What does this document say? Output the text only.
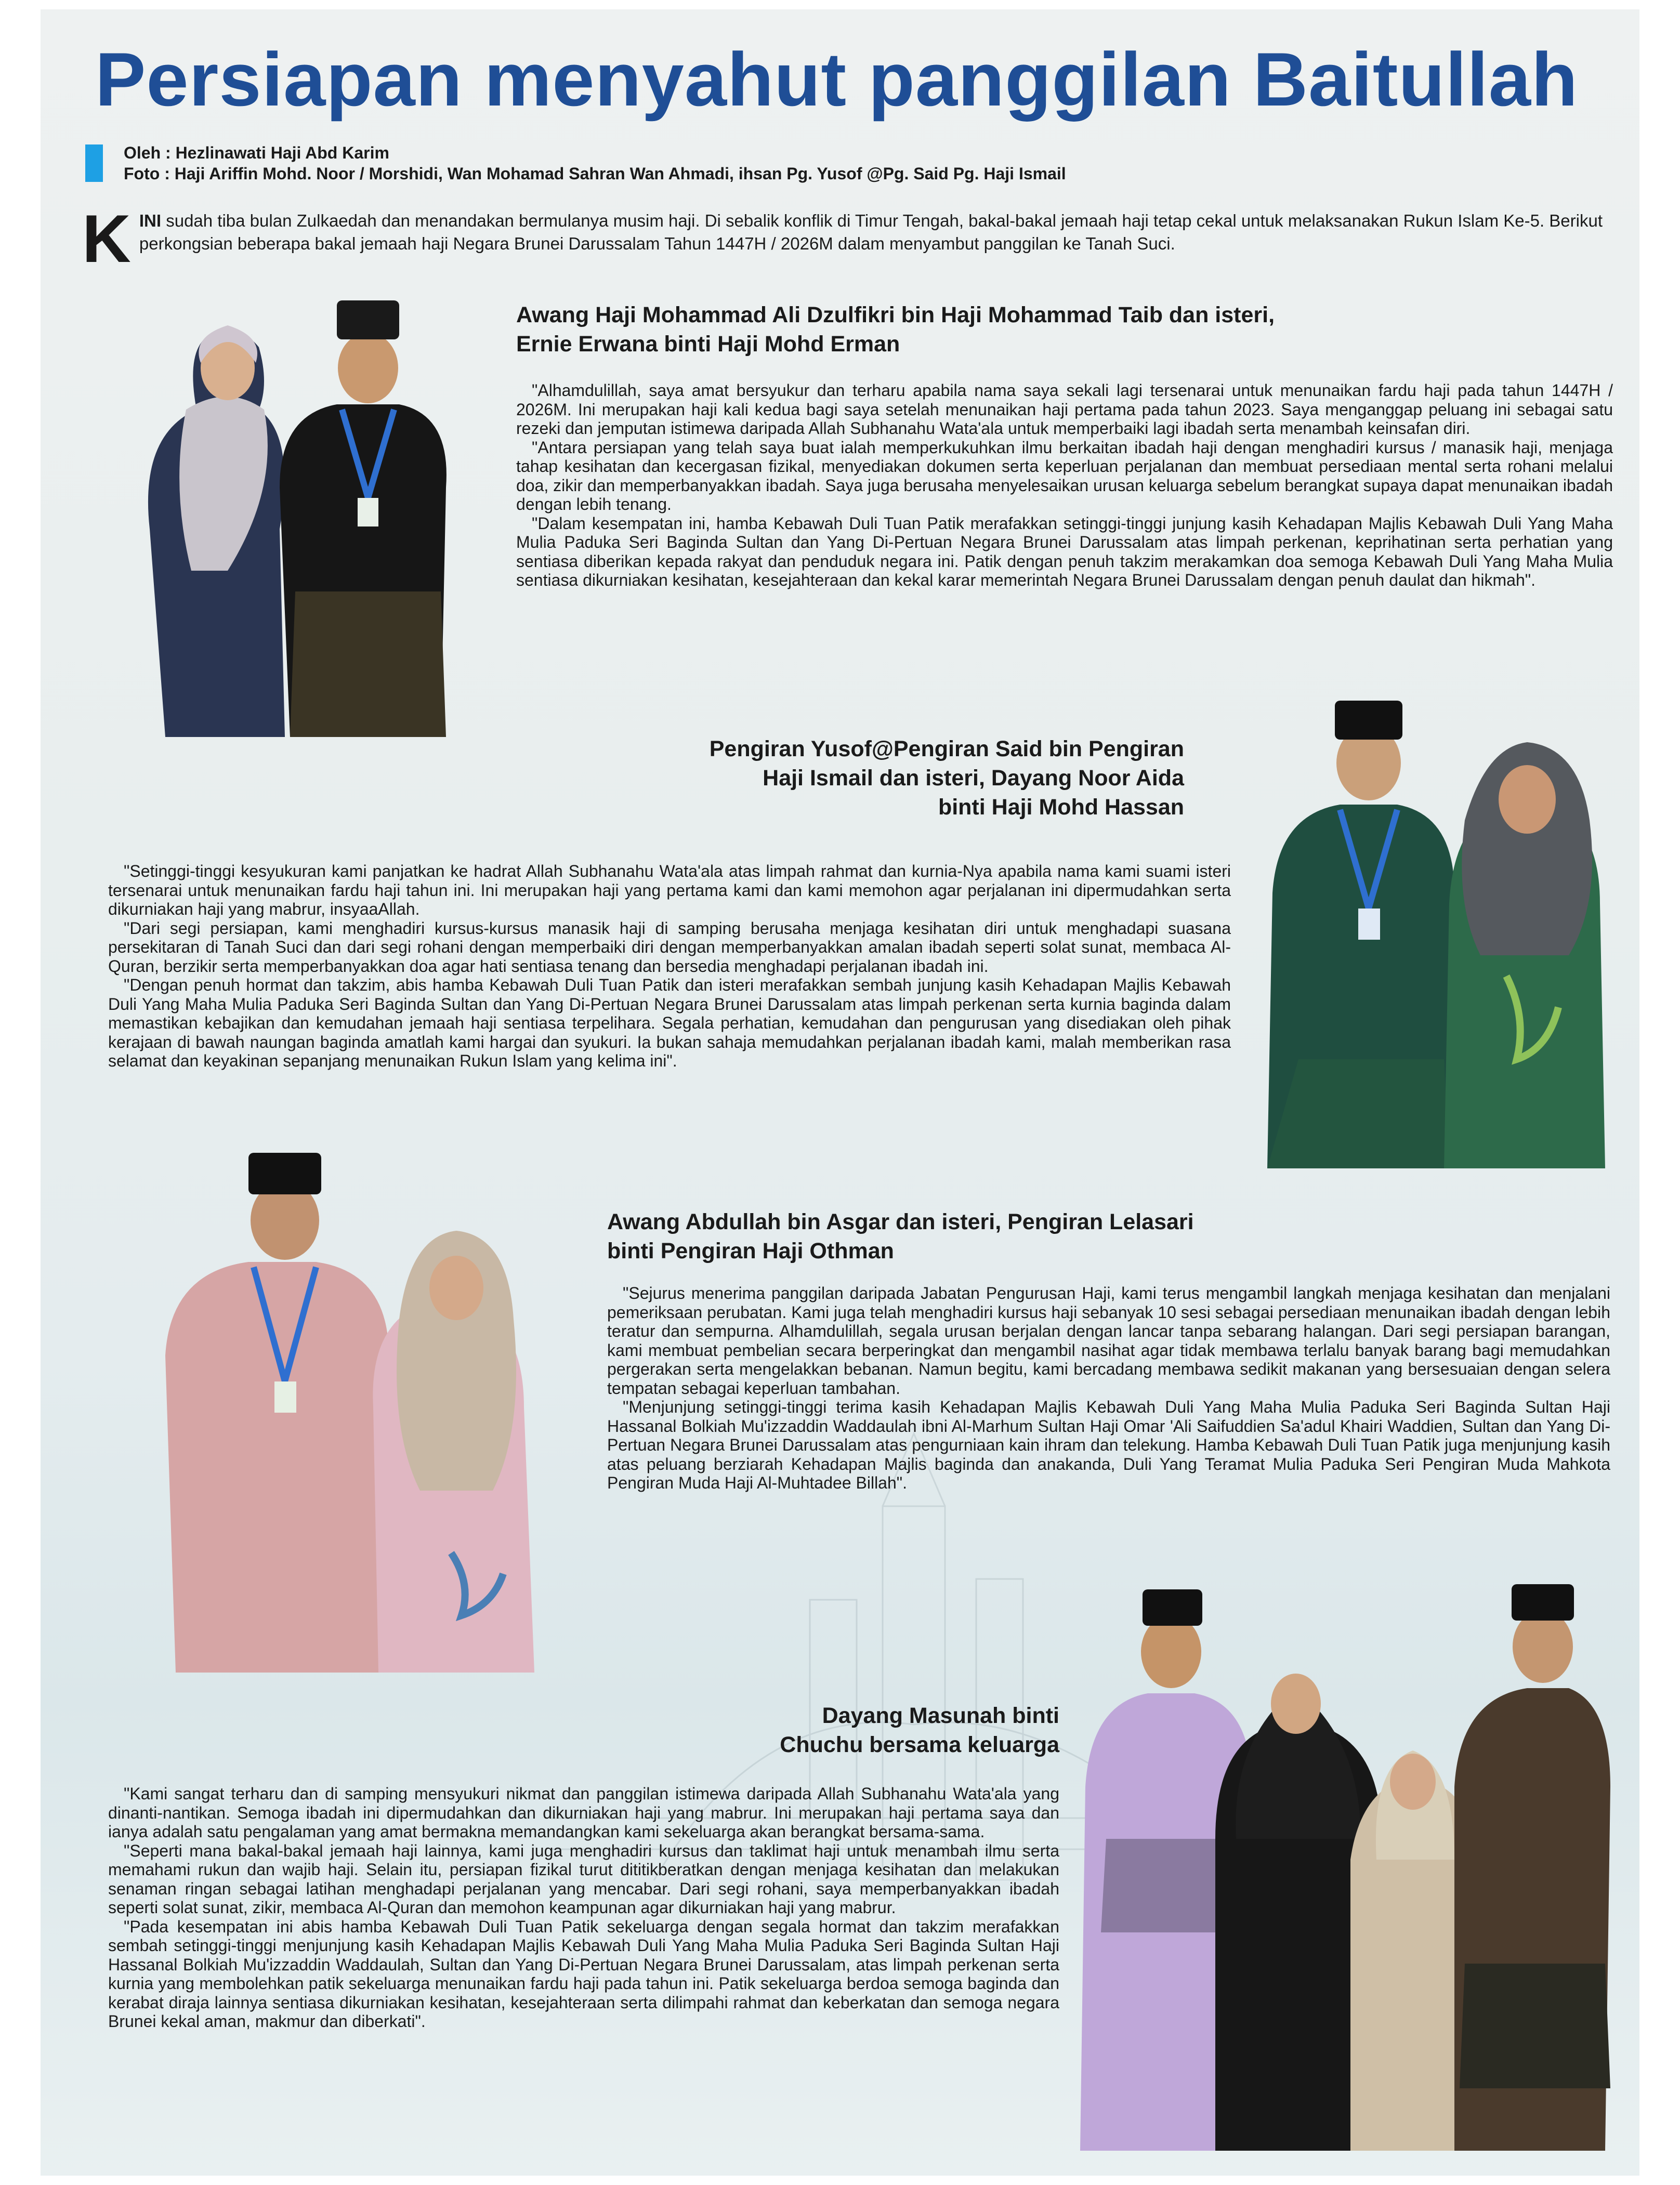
Persiapan menyahut panggilan Baitullah
Oleh : Hezlinawati Haji Abd Karim
Foto : Haji Ariffin Mohd. Noor / Morshidi, Wan Mohamad Sahran Wan Ahmadi, ihsan Pg. Yusof @Pg. Said Pg. Haji Ismail
KINI sudah tiba bulan Zulkaedah dan menandakan bermulanya musim haji. Di sebalik konflik di Timur Tengah, bakal-bakal jemaah haji tetap cekal untuk melaksanakan Rukun Islam Ke-5. Berikut perkongsian beberapa bakal jemaah haji Negara Brunei Darussalam Tahun 1447H / 2026M dalam menyambut panggilan ke Tanah Suci.
Awang Haji Mohammad Ali Dzulfikri bin Haji Mohammad Taib dan isteri,
Ernie Erwana binti Haji Mohd Erman

"Alhamdulillah, saya amat bersyukur dan terharu apabila nama saya sekali lagi tersenarai untuk menunaikan fardu haji pada tahun 1447H / 2026M. Ini merupakan haji kali kedua bagi saya setelah menunaikan haji pertama pada tahun 2023. Saya menganggap peluang ini sebagai satu rezeki dan jemputan istimewa daripada Allah Subhanahu Wata'ala untuk memperbaiki lagi ibadah serta menambah keinsafan diri.

"Antara persiapan yang telah saya buat ialah memperkukuhkan ilmu berkaitan ibadah haji dengan menghadiri kursus / manasik haji, menjaga tahap kesihatan dan kecergasan fizikal, menyediakan dokumen serta keperluan perjalanan dan membuat persediaan mental serta rohani melalui doa, zikir dan memperbanyakkan ibadah. Saya juga berusaha menyelesaikan urusan keluarga sebelum berangkat supaya dapat menunaikan ibadah dengan lebih tenang.

"Dalam kesempatan ini, hamba Kebawah Duli Tuan Patik merafakkan setinggi-tinggi junjung kasih Kehadapan Majlis Kebawah Duli Yang Maha Mulia Paduka Seri Baginda Sultan dan Yang Di-Pertuan Negara Brunei Darussalam atas limpah perkenan, keprihatinan serta perhatian yang sentiasa diberikan kepada rakyat dan penduduk negara ini. Patik dengan penuh takzim merakamkan doa semoga Kebawah Duli Yang Maha Mulia sentiasa dikurniakan kesihatan, kesejahteraan dan kekal karar memerintah Negara Brunei Darussalam dengan penuh daulat dan hikmah".

Pengiran Yusof@Pengiran Said bin Pengiran
Haji Ismail dan isteri, Dayang Noor Aida
binti Haji Mohd Hassan

"Setinggi-tinggi kesyukuran kami panjatkan ke hadrat Allah Subhanahu Wata'ala atas limpah rahmat dan kurnia-Nya apabila nama kami suami isteri tersenarai untuk menunaikan fardu haji tahun ini. Ini merupakan haji yang pertama kami dan kami memohon agar perjalanan ini dipermudahkan serta dikurniakan haji yang mabrur, insyaaAllah.

"Dari segi persiapan, kami menghadiri kursus-kursus manasik haji di samping berusaha menjaga kesihatan diri untuk menghadapi suasana persekitaran di Tanah Suci dan dari segi rohani dengan memperbaiki diri dengan memperbanyakkan amalan ibadah seperti solat sunat, membaca Al-Quran, berzikir serta memperbanyakkan doa agar hati sentiasa tenang dan bersedia menghadapi perjalanan ibadah ini.

"Dengan penuh hormat dan takzim, abis hamba Kebawah Duli Tuan Patik dan isteri merafakkan sembah junjung kasih Kehadapan Majlis Kebawah Duli Yang Maha Mulia Paduka Seri Baginda Sultan dan Yang Di-Pertuan Negara Brunei Darussalam atas limpah perkenan serta kurnia baginda dalam memastikan kebajikan dan kemudahan jemaah haji sentiasa terpelihara. Segala perhatian, kemudahan dan pengurusan yang disediakan oleh pihak kerajaan di bawah naungan baginda amatlah kami hargai dan syukuri. Ia bukan sahaja memudahkan perjalanan ibadah kami, malah memberikan rasa selamat dan keyakinan sepanjang menunaikan Rukun Islam yang kelima ini".

Awang Abdullah bin Asgar dan isteri, Pengiran Lelasari
binti Pengiran Haji Othman

"Sejurus menerima panggilan daripada Jabatan Pengurusan Haji, kami terus mengambil langkah menjaga kesihatan dan menjalani pemeriksaan perubatan. Kami juga telah menghadiri kursus haji sebanyak 10 sesi sebagai persediaan menunaikan ibadah dengan lebih teratur dan sempurna. Alhamdulillah, segala urusan berjalan dengan lancar tanpa sebarang halangan. Dari segi persiapan barangan, kami membuat pembelian secara berperingkat dan mengambil nasihat agar tidak membawa terlalu banyak barang bagi memudahkan pergerakan serta mengelakkan bebanan. Namun begitu, kami bercadang membawa sedikit makanan yang bersesuaian dengan selera tempatan sebagai keperluan tambahan.

"Menjunjung setinggi-tinggi terima kasih Kehadapan Majlis Kebawah Duli Yang Maha Mulia Paduka Seri Baginda Sultan Haji Hassanal Bolkiah Mu'izzaddin Waddaulah ibni Al-Marhum Sultan Haji Omar 'Ali Saifuddien Sa'adul Khairi Waddien, Sultan dan Yang Di-Pertuan Negara Brunei Darussalam atas pengurniaan kain ihram dan telekung. Hamba Kebawah Duli Tuan Patik juga menjunjung kasih atas peluang berziarah Kehadapan Majlis baginda dan anakanda, Duli Yang Teramat Mulia Paduka Seri Pengiran Muda Mahkota Pengiran Muda Haji Al-Muhtadee Billah".

Dayang Masunah binti
Chuchu bersama keluarga

"Kami sangat terharu dan di samping mensyukuri nikmat dan panggilan istimewa daripada Allah Subhanahu Wata'ala yang dinanti-nantikan. Semoga ibadah ini dipermudahkan dan dikurniakan haji yang mabrur. Ini merupakan haji pertama saya dan ianya adalah satu pengalaman yang amat bermakna memandangkan kami sekeluarga akan berangkat bersama-sama.

"Seperti mana bakal-bakal jemaah haji lainnya, kami juga menghadiri kursus dan taklimat haji untuk menambah ilmu serta memahami rukun dan wajib haji. Selain itu, persiapan fizikal turut dititikberatkan dengan menjaga kesihatan dan melakukan senaman ringan sebagai latihan menghadapi perjalanan yang mencabar. Dari segi rohani, saya memperbanyakkan ibadah seperti solat sunat, zikir, membaca Al-Quran dan memohon keampunan agar dikurniakan haji yang mabrur.

"Pada kesempatan ini abis hamba Kebawah Duli Tuan Patik sekeluarga dengan segala hormat dan takzim merafakkan sembah setinggi-tinggi menjunjung kasih Kehadapan Majlis Kebawah Duli Yang Maha Mulia Paduka Seri Baginda Sultan Haji Hassanal Bolkiah Mu'izzaddin Waddaulah, Sultan dan Yang Di-Pertuan Negara Brunei Darussalam, atas limpah perkenan serta kurnia yang membolehkan patik sekeluarga menunaikan fardu haji pada tahun ini. Patik sekeluarga berdoa semoga baginda dan kerabat diraja lainnya sentiasa dikurniakan kesihatan, kesejahteraan serta dilimpahi rahmat dan keberkatan dan semoga negara Brunei kekal aman, makmur dan diberkati".
